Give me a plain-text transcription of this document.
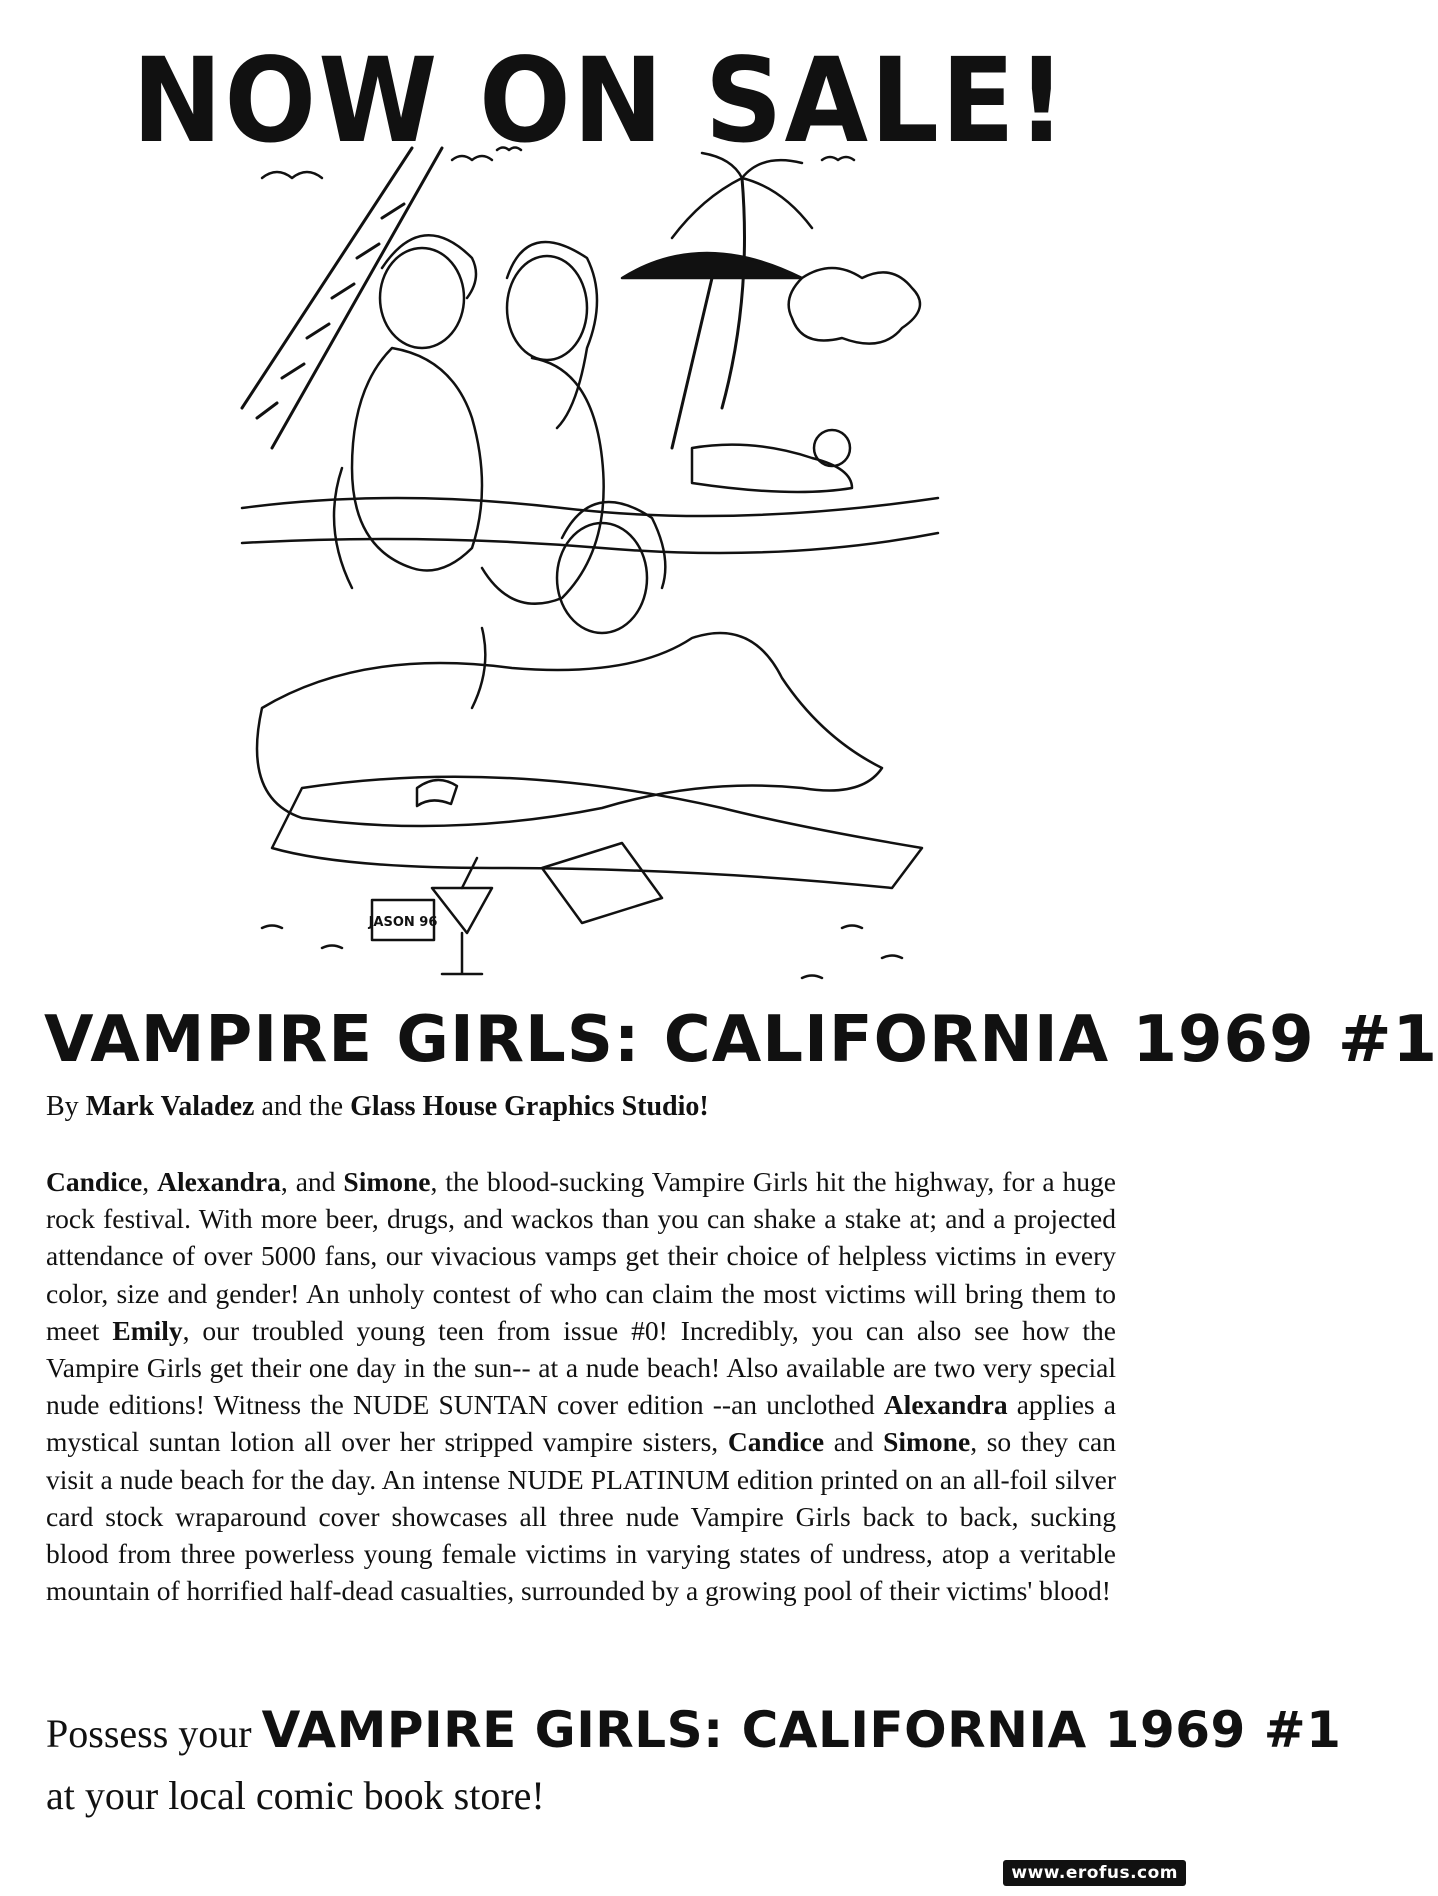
NOW ON SALE!
JASON 96
VAMPIRE GIRLS: CALIFORNIA 1969 #1
By Mark Valadez and the Glass House Graphics Studio!
Candice, Alexandra, and Simone, the blood-sucking Vampire Girls hit the highway, for a huge rock festival. With more beer, drugs, and wackos than you can shake a stake at; and a projected attendance of over 5000 fans, our vivacious vamps get their choice of helpless victims in every color, size and gender! An unholy contest of who can claim the most victims will bring them to meet Emily, our troubled young teen from issue #0! Incredibly, you can also see how the Vampire Girls get their one day in the sun-- at a nude beach! Also available are two very special nude editions! Witness the NUDE SUNTAN cover edition --an unclothed Alexandra applies a mystical suntan lotion all over her stripped vampire sisters, Candice and Simone, so they can visit a nude beach for the day. An intense NUDE PLATINUM edition printed on an all-foil silver card stock wraparound cover showcases all three nude Vampire Girls back to back, sucking blood from three powerless young female victims in varying states of undress, atop a veritable mountain of horrified half-dead casualties, surrounded by a growing pool of their victims' blood!
Possess your VAMPIRE GIRLS: CALIFORNIA 1969 #1
at your local comic book store!
www.erofus.com
